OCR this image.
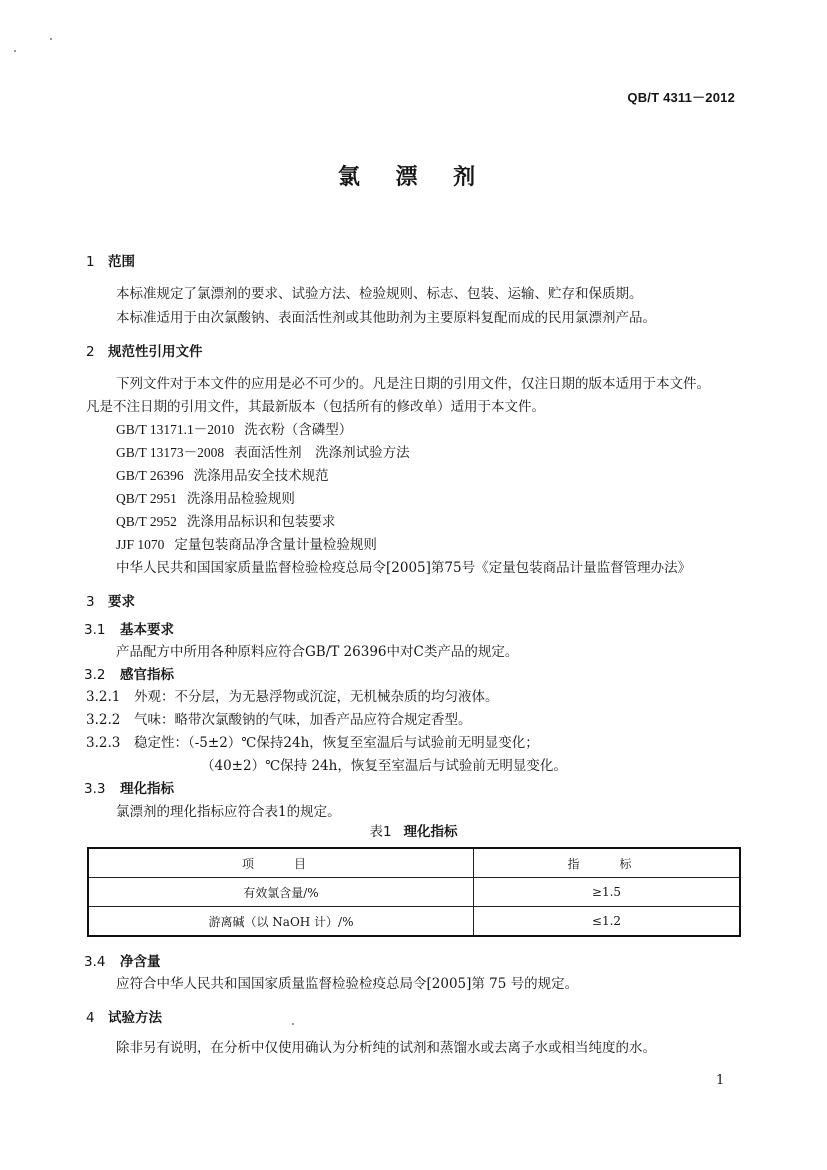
QB/T 4311－2012
氯 漂 剂
1 范围
本标准规定了氯漂剂的要求、试验方法、检验规则、标志、包装、运输、贮存和保质期。
本标准适用于由次氯酸钠、表面活性剂或其他助剂为主要原料复配而成的民用氯漂剂产品。
2 规范性引用文件
下列文件对于本文件的应用是必不可少的。凡是注日期的引用文件，仅注日期的版本适用于本文件。
凡是不注日期的引用文件，其最新版本（包括所有的修改单）适用于本文件。
GB/T 13171.1－2010 洗衣粉（含磷型）
GB/T 13173－2008 表面活性剂　洗涤剂试验方法
GB/T 26396 洗涤用品安全技术规范
QB/T 2951 洗涤用品检验规则
QB/T 2952 洗涤用品标识和包装要求
JJF 1070 定量包装商品净含量计量检验规则
中华人民共和国国家质量监督检验检疫总局令[2005]第75号《定量包装商品计量监督管理办法》
3 要求
3.1 基本要求
产品配方中所用各种原料应符合GB/T 26396中对C类产品的规定。
3.2 感官指标
3.2.1 外观：不分层，为无悬浮物或沉淀，无机械杂质的均匀液体。
3.2.2 气味：略带次氯酸钠的气味，加香产品应符合规定香型。
3.2.3 稳定性：（-5±2）℃保持24h，恢复至室温后与试验前无明显变化；
（40±2）℃保持 24h，恢复至室温后与试验前无明显变化。
3.3 理化指标
氯漂剂的理化指标应符合表1的规定。
表1 理化指标
项　目	指　标
有效氯含量/%	≥1.5
游离碱（以 NaOH 计）/%	≤1.2
3.4 净含量
应符合中华人民共和国国家质量监督检验检疫总局令[2005]第 75 号的规定。
4 试验方法
除非另有说明，在分析中仅使用确认为分析纯的试剂和蒸馏水或去离子水或相当纯度的水。
1
